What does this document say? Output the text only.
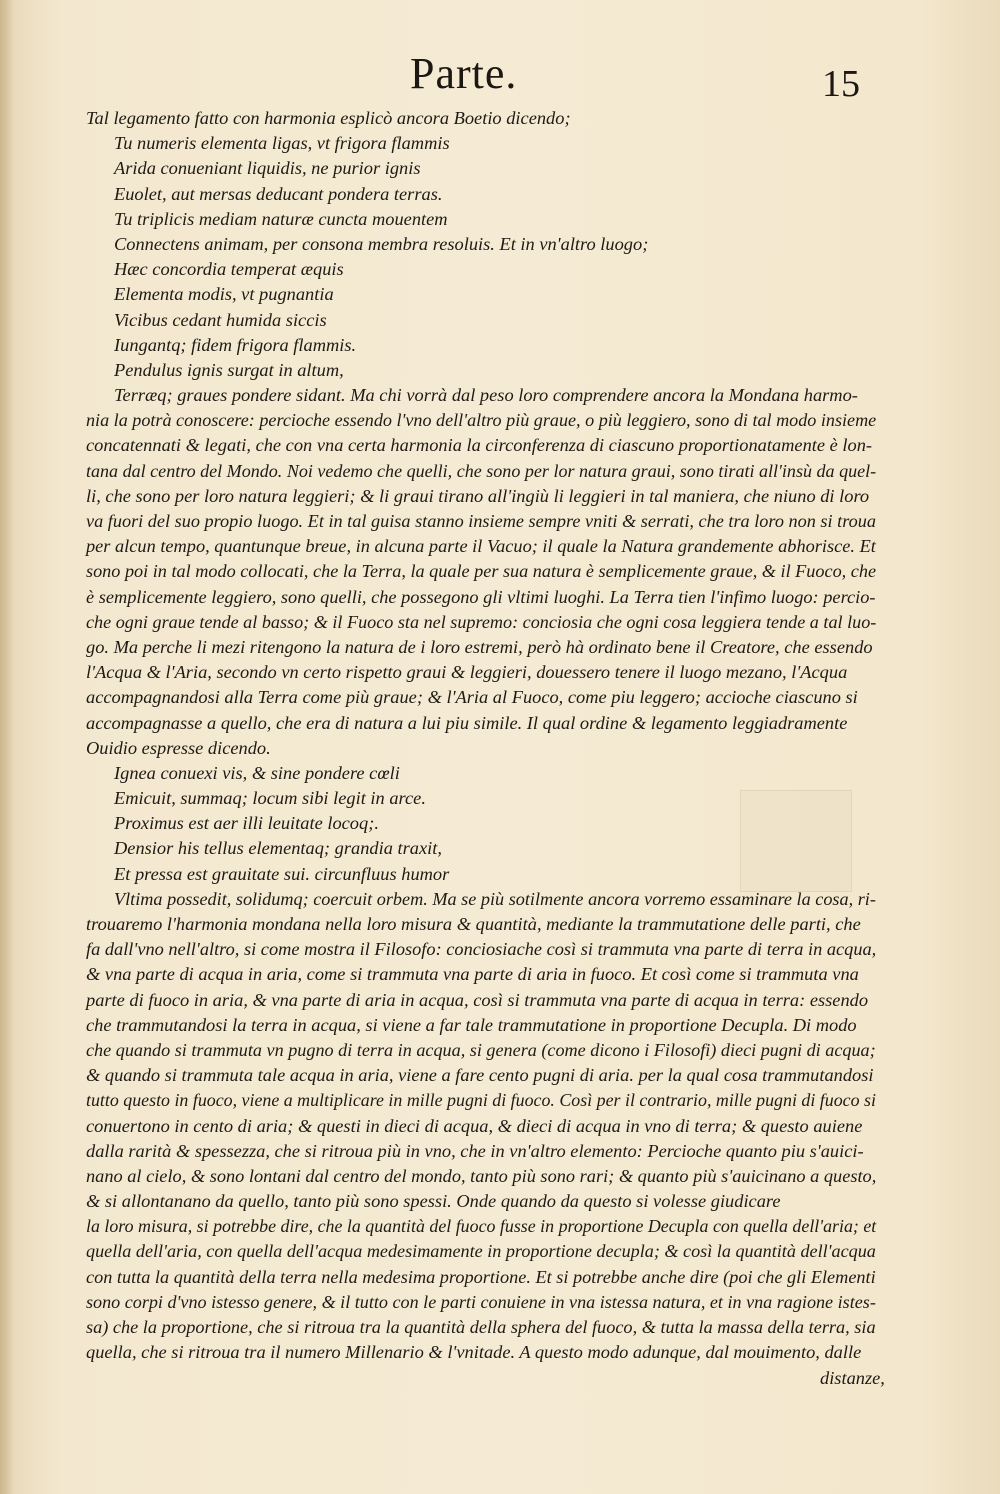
Parte.	15
Tal legamento fatto con harmonia esplicò ancora Boetio dicendo;
Tu numeris elementa ligas, vt frigora flammis
Arida conueniant liquidis, ne purior ignis
Euolet, aut mersas deducant pondera terras.
Tu triplicis mediam naturæ cuncta mouentem
Connectens animam, per consona membra resoluis. Et in vn'altro luogo;
Hæc concordia temperat æquis
Elementa modis, vt pugnantia
Vicibus cedant humida siccis
Iungantq; fidem frigora flammis.
Pendulus ignis surgat in altum,
Terræq; graues pondere sidant. Ma chi vorrà dal peso loro comprendere ancora la Mondana harmo-
nia la potrà conoscere: percioche essendo l'vno dell'altro più graue, o più leggiero, sono di tal modo insieme
concatennati & legati, che con vna certa harmonia la circonferenza di ciascuno proportionatamente è lon-
tana dal centro del Mondo. Noi vedemo che quelli, che sono per lor natura graui, sono tirati all'insù da quel-
li, che sono per loro natura leggieri; & li graui tirano all'ingiù li leggieri in tal maniera, che niuno di loro
va fuori del suo propio luogo. Et in tal guisa stanno insieme sempre vniti & serrati, che tra loro non si troua
per alcun tempo, quantunque breue, in alcuna parte il Vacuo; il quale la Natura grandemente abhorisce. Et
sono poi in tal modo collocati, che la Terra, la quale per sua natura è semplicemente graue, & il Fuoco, che
è semplicemente leggiero, sono quelli, che possegono gli vltimi luoghi. La Terra tien l'infimo luogo: percio-
che ogni graue tende al basso; & il Fuoco sta nel supremo: conciosia che ogni cosa leggiera tende a tal luo-
go. Ma perche li mezi ritengono la natura de i loro estremi, però hà ordinato bene il Creatore, che essendo
l'Acqua & l'Aria, secondo vn certo rispetto graui & leggieri, douessero tenere il luogo mezano, l'Acqua
accompagnandosi alla Terra come più graue; & l'Aria al Fuoco, come piu leggero; accioche ciascuno si
accompagnasse a quello, che era di natura a lui piu simile. Il qual ordine & legamento leggiadramente
Ouidio espresse dicendo.
Ignea conuexi vis, & sine pondere cœli
Emicuit, summaq; locum sibi legit in arce.
Proximus est aer illi leuitate locoq;.
Densior his tellus elementaq; grandia traxit,
Et pressa est grauitate sui. circunfluus humor
Vltima possedit, solidumq; coercuit orbem. Ma se più sotilmente ancora vorremo essaminare la cosa, ri-
trouaremo l'harmonia mondana nella loro misura & quantità, mediante la trammutatione delle parti, che
fa dall'vno nell'altro, si come mostra il Filosofo: conciosiache così si trammuta vna parte di terra in acqua,
& vna parte di acqua in aria, come si trammuta vna parte di aria in fuoco. Et così come si trammuta vna
parte di fuoco in aria, & vna parte di aria in acqua, così si trammuta vna parte di acqua in terra: essendo
che trammutandosi la terra in acqua, si viene a far tale trammutatione in proportione Decupla. Di modo
che quando si trammuta vn pugno di terra in acqua, si genera (come dicono i Filosofi) dieci pugni di acqua;
& quando si trammuta tale acqua in aria, viene a fare cento pugni di aria. per la qual cosa trammutandosi
tutto questo in fuoco, viene a multiplicare in mille pugni di fuoco. Così per il contrario, mille pugni di fuoco si
conuertono in cento di aria; & questi in dieci di acqua, & dieci di acqua in vno di terra; & questo auiene
dalla rarità & spessezza, che si ritroua più in vno, che in vn'altro elemento: Percioche quanto piu s'auici-
nano al cielo, & sono lontani dal centro del mondo, tanto più sono rari; & quanto più s'auicinano a questo,
& si allontanano da quello, tanto più sono spessi. Onde quando da questo si volesse giudicare
la loro misura, si potrebbe dire, che la quantità del fuoco fusse in proportione Decupla con quella dell'aria; et
quella dell'aria, con quella dell'acqua medesimamente in proportione decupla; & così la quantità dell'acqua
con tutta la quantità della terra nella medesima proportione. Et si potrebbe anche dire (poi che gli Elementi
sono corpi d'vno istesso genere, & il tutto con le parti conuiene in vna istessa natura, et in vna ragione istes-
sa) che la proportione, che si ritroua tra la quantità della sphera del fuoco, & tutta la massa della terra, sia
quella, che si ritroua tra il numero Millenario & l'vnitade. A questo modo adunque, dal mouimento, dalle
distanze,
